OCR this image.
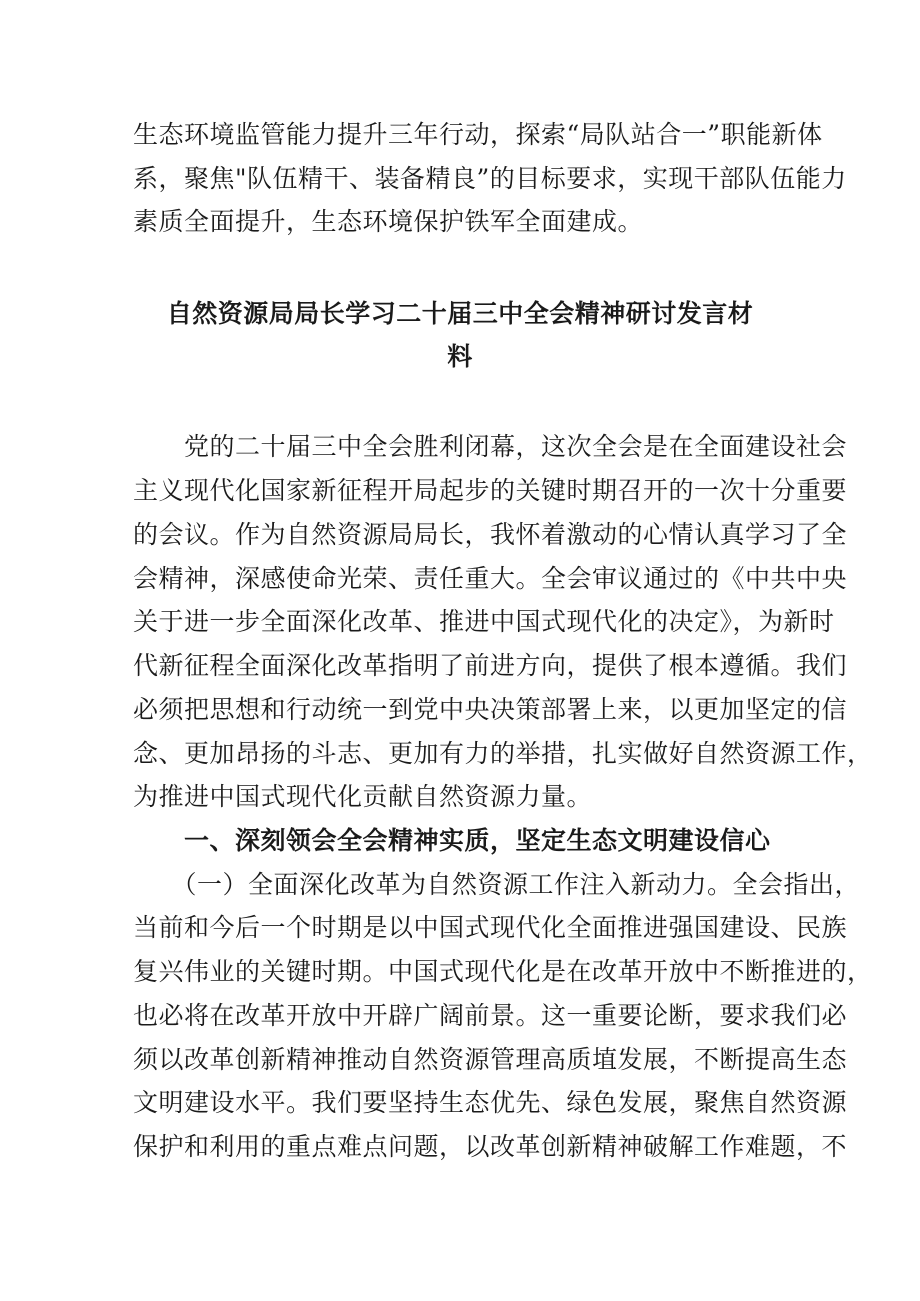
生态环境监管能力提升三年行动，探索“局队站合一”职能新体
系，聚焦"队伍精干、装备精良”的目标要求，实现干部队伍能力
素质全面提升，生态环境保护铁军全面建成。
自然资源局局长学习二十届三中全会精神研讨发言材
料
　　党的二十届三中全会胜利闭幕，这次全会是在全面建设社会
主义现代化国家新征程开局起步的关键时期召开的一次十分重要
的会议。作为自然资源局局长，我怀着激动的心情认真学习了全
会精神，深感使命光荣、责任重大。全会审议通过的《中共中央
关于进一步全面深化改革、推进中国式现代化的决定》，为新时
代新征程全面深化改革指明了前进方向，提供了根本遵循。我们
必须把思想和行动统一到党中央决策部署上来，以更加坚定的信
念、更加昂扬的斗志、更加有力的举措，扎实做好自然资源工作，
为推进中国式现代化贡献自然资源力量。
　　一、深刻领会全会精神实质，坚定生态文明建设信心
　　（一）全面深化改革为自然资源工作注入新动力。全会指出，
当前和今后一个时期是以中国式现代化全面推进强国建设、民族
复兴伟业的关键时期。中国式现代化是在改革开放中不断推进的，
也必将在改革开放中开辟广阔前景。这一重要论断，要求我们必
须以改革创新精神推动自然资源管理高质埴发展，不断提高生态
文明建设水平。我们要坚持生态优先、绿色发展，聚焦自然资源
保护和利用的重点难点问题，以改革创新精神破解工作难题，不
